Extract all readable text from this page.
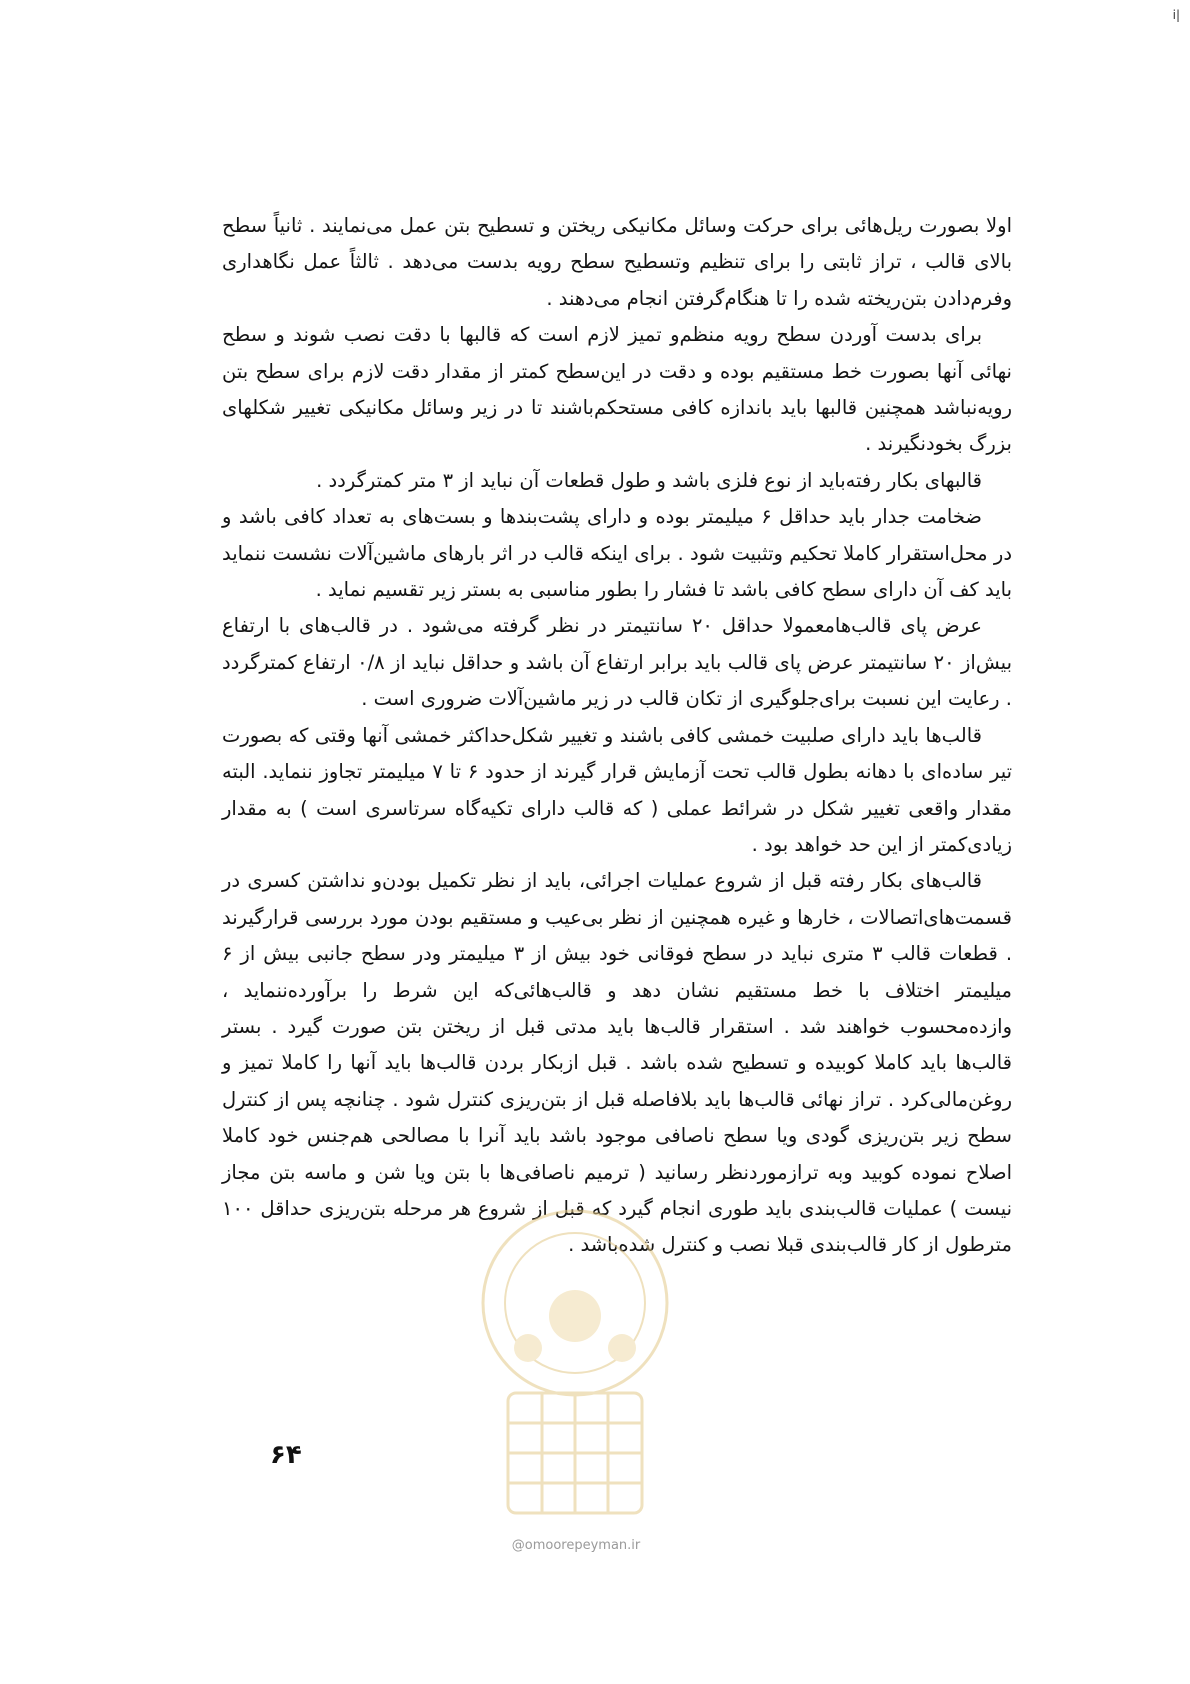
i|

اولا بصورت ریل‌هائی برای حرکت وسائل مکانیکی ریختن و تسطیح بتن عمل می‌نمایند . ثانیاً سطح بالای قالب ، تراز ثابتی را برای تنظیم وتسطیح سطح رویه بدست می‌دهد . ثالثاً عمل نگاهداری وفرم‌دادن بتن‌ریخته شده را تا هنگام‌گرفتن انجام می‌دهند .

برای بدست آوردن سطح رویه منظم‌و تمیز لازم است که قالبها با دقت نصب شوند و سطح نهائی آنها بصورت خط مستقیم بوده و دقت در این‌سطح کمتر از مقدار دقت لازم برای سطح بتن رویه‌نباشد همچنین قالبها باید باندازه کافی مستحکم‌باشند تا در زیر وسائل مکانیکی تغییر شکلهای بزرگ بخودنگیرند .

قالبهای بکار رفته‌باید از نوع فلزی باشد و طول قطعات آن نباید از ۳ متر کمتر‌گردد .

ضخامت جدار باید حداقل ۶ میلیمتر بوده و دارای پشت‌بندها و بست‌های به تعداد کافی باشد و در محل‌استقرار کاملا تحکیم وتثبیت شود . برای اینکه قالب در اثر بارهای ماشین‌آلات نشست ننماید باید کف آن دارای سطح کافی باشد تا فشار را بطور مناسبی به بستر زیر تقسیم نماید .

عرض پای قالب‌هامعمولا حداقل ۲۰ سانتیمتر در نظر گرفته می‌شود . در قالب‌های با ارتفاع بیش‌از ۲۰ سانتیمتر عرض پای قالب باید برابر ارتفاع آن باشد و حداقل نباید از ۰/۸ ارتفاع کمتر‌گردد . رعایت این نسبت برای‌جلوگیری از تکان قالب در زیر ماشین‌آلات ضروری است .

قالب‌ها باید دارای صلبیت خمشی کافی باشند و تغییر شکل‌حداکثر خمشی آنها وقتی که بصورت تیر ساده‌ای با دهانه بطول قالب تحت آزمایش قرار گیرند از حدود ۶ تا ۷ میلیمتر تجاوز ننماید. البته مقدار واقعی تغییر شکل در شرائط عملی ( که قالب دارای تکیه‌گاه سرتاسری است ) به مقدار زیادی‌کمتر از این حد خواهد بود .

قالب‌های بکار رفته قبل از شروع عملیات اجرائی، باید از نظر تکمیل بودن‌و نداشتن کسری در قسمت‌های‌اتصالات ، خارها و غیره همچنین از نظر بی‌عیب و مستقیم بودن مورد بررسی قرار‌گیرند . قطعات قالب ۳ متری نباید در سطح فوقانی خود بیش از ۳ میلیمتر ودر سطح جانبی بیش از ۶ میلیمتر اختلاف با خط مستقیم نشان دهد و قالب‌هائی‌که این شرط را برآورده‌ننماید ، وازده‌محسوب خواهند شد . استقرار قالب‌ها باید مدتی قبل از ریختن بتن صورت گیرد . بستر قالب‌ها باید کاملا کوبیده و تسطیح شده باشد . قبل ازبکار بردن قالب‌ها باید آنها را کاملا تمیز و روغن‌مالی‌کرد . تراز نهائی قالب‌ها باید بلافاصله قبل از بتن‌ریزی کنترل شود . چنانچه پس از کنترل سطح زیر بتن‌ریزی گودی ویا سطح ناصافی موجود باشد باید آنرا با مصالحی هم‌جنس خود کاملا اصلاح نموده کوبید وبه تراز‌موردنظر رسانید ( ترمیم ناصافی‌ها با بتن ویا شن و ماسه بتن مجاز نیست ) عملیات قالب‌بندی باید طوری انجام گیرد که قبل از شروع هر مرحله بتن‌ریزی حداقل ۱۰۰ مترطول از کار قالب‌بندی قبلا نصب و کنترل شده‌باشد .

۶۴
@omoorepeyman.ir
